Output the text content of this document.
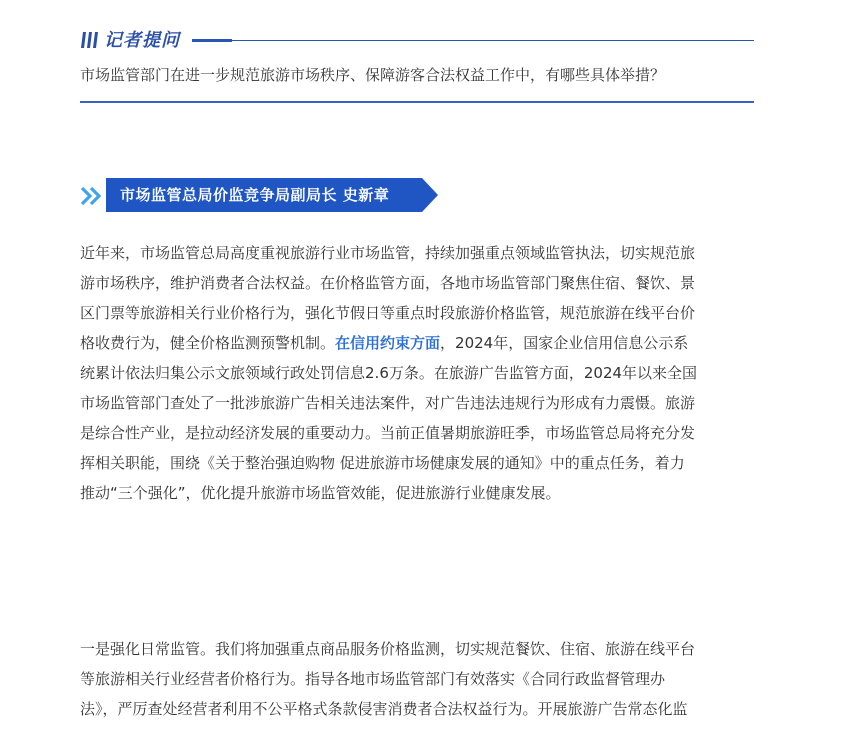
记者提问
市场监管部门在进一步规范旅游市场秩序、保障游客合法权益工作中，有哪些具体举措？
市场监管总局价监竞争局副局长 史新章
近年来，市场监管总局高度重视旅游行业市场监管，持续加强重点领域监管执法，切实规范旅
游市场秩序，维护消费者合法权益。在价格监管方面，各地市场监管部门聚焦住宿、餐饮、景
区门票等旅游相关行业价格行为，强化节假日等重点时段旅游价格监管，规范旅游在线平台价
格收费行为，健全价格监测预警机制。在信用约束方面，2024年，国家企业信用信息公示系
统累计依法归集公示文旅领域行政处罚信息2.6万条。在旅游广告监管方面，2024年以来全国
市场监管部门查处了一批涉旅游广告相关违法案件，对广告违法违规行为形成有力震慑。旅游
是综合性产业，是拉动经济发展的重要动力。当前正值暑期旅游旺季，市场监管总局将充分发
挥相关职能，围绕《关于整治强迫购物 促进旅游市场健康发展的通知》中的重点任务，着力
推动“三个强化”，优化提升旅游市场监管效能，促进旅游行业健康发展。
一是强化日常监管。我们将加强重点商品服务价格监测，切实规范餐饮、住宿、旅游在线平台
等旅游相关行业经营者价格行为。指导各地市场监管部门有效落实《合同行政监督管理办
法》，严厉查处经营者利用不公平格式条款侵害消费者合法权益行为。开展旅游广告常态化监
